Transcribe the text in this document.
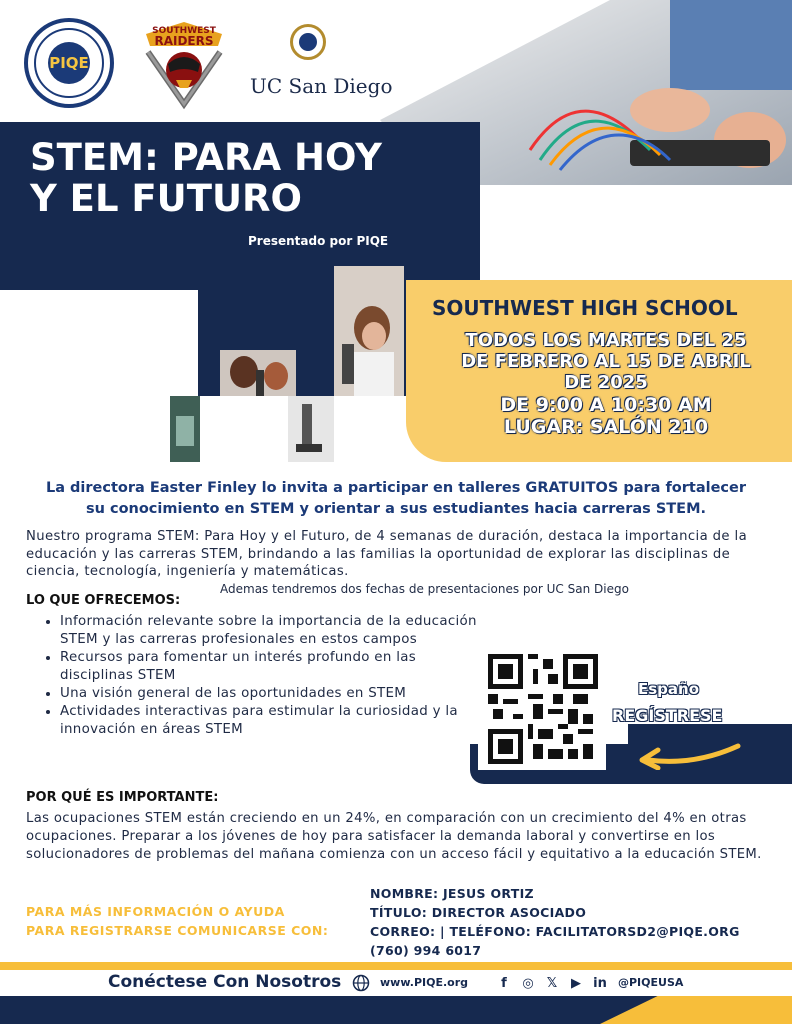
PIQE
SOUTHWEST
RAIDERS
UC San Diego
STEM: PARA HOY
Y EL FUTURO
Presentado por PIQE
SOUTHWEST HIGH SCHOOL
TODOS LOS MARTES DEL 25
DE FEBRERO AL 15 DE ABRIL
DE 2025
DE 9:00 A 10:30 AM
LUGAR: SALÓN 210
La directora Easter Finley lo invita a participar en talleres GRATUITOS para fortalecer
su conocimiento en STEM y orientar a sus estudiantes hacia carreras STEM.
Nuestro programa STEM: Para Hoy y el Futuro, de 4 semanas de duración, destaca la importancia de la educación y las carreras STEM, brindando a las familias la oportunidad de explorar las disciplinas de ciencia, tecnología, ingeniería y matemáticas.
Ademas tendremos dos fechas de presentaciones por UC San Diego
LO QUE OFRECEMOS:
• Información relevante sobre la importancia de la educación STEM y las carreras profesionales en estos campos
• Recursos para fomentar un interés profundo en las disciplinas STEM
• Una visión general de las oportunidades en STEM
• Actividades interactivas para estimular la curiosidad y la innovación en áreas STEM
Españo
REGÍSTRESE
POR QUÉ ES IMPORTANTE:
Las ocupaciones STEM están creciendo en un 24%, en comparación con un crecimiento del 4% en otras ocupaciones. Preparar a los jóvenes de hoy para satisfacer la demanda laboral y convertirse en los solucionadores de problemas del mañana comienza con un acceso fácil y equitativo a la educación STEM.
PARA MÁS INFORMACIÓN O AYUDA
PARA REGISTRARSE COMUNICARSE CON:
NOMBRE: JESUS ORTIZ
TÍTULO: DIRECTOR ASOCIADO
CORREO: | TELÉFONO: FACILITATORSD2@PIQE.ORG
(760) 994 6017
Conéctese Con Nosotros	www.PIQE.org	f	◎ 𝕏 ▶ in @PIQEUSA
